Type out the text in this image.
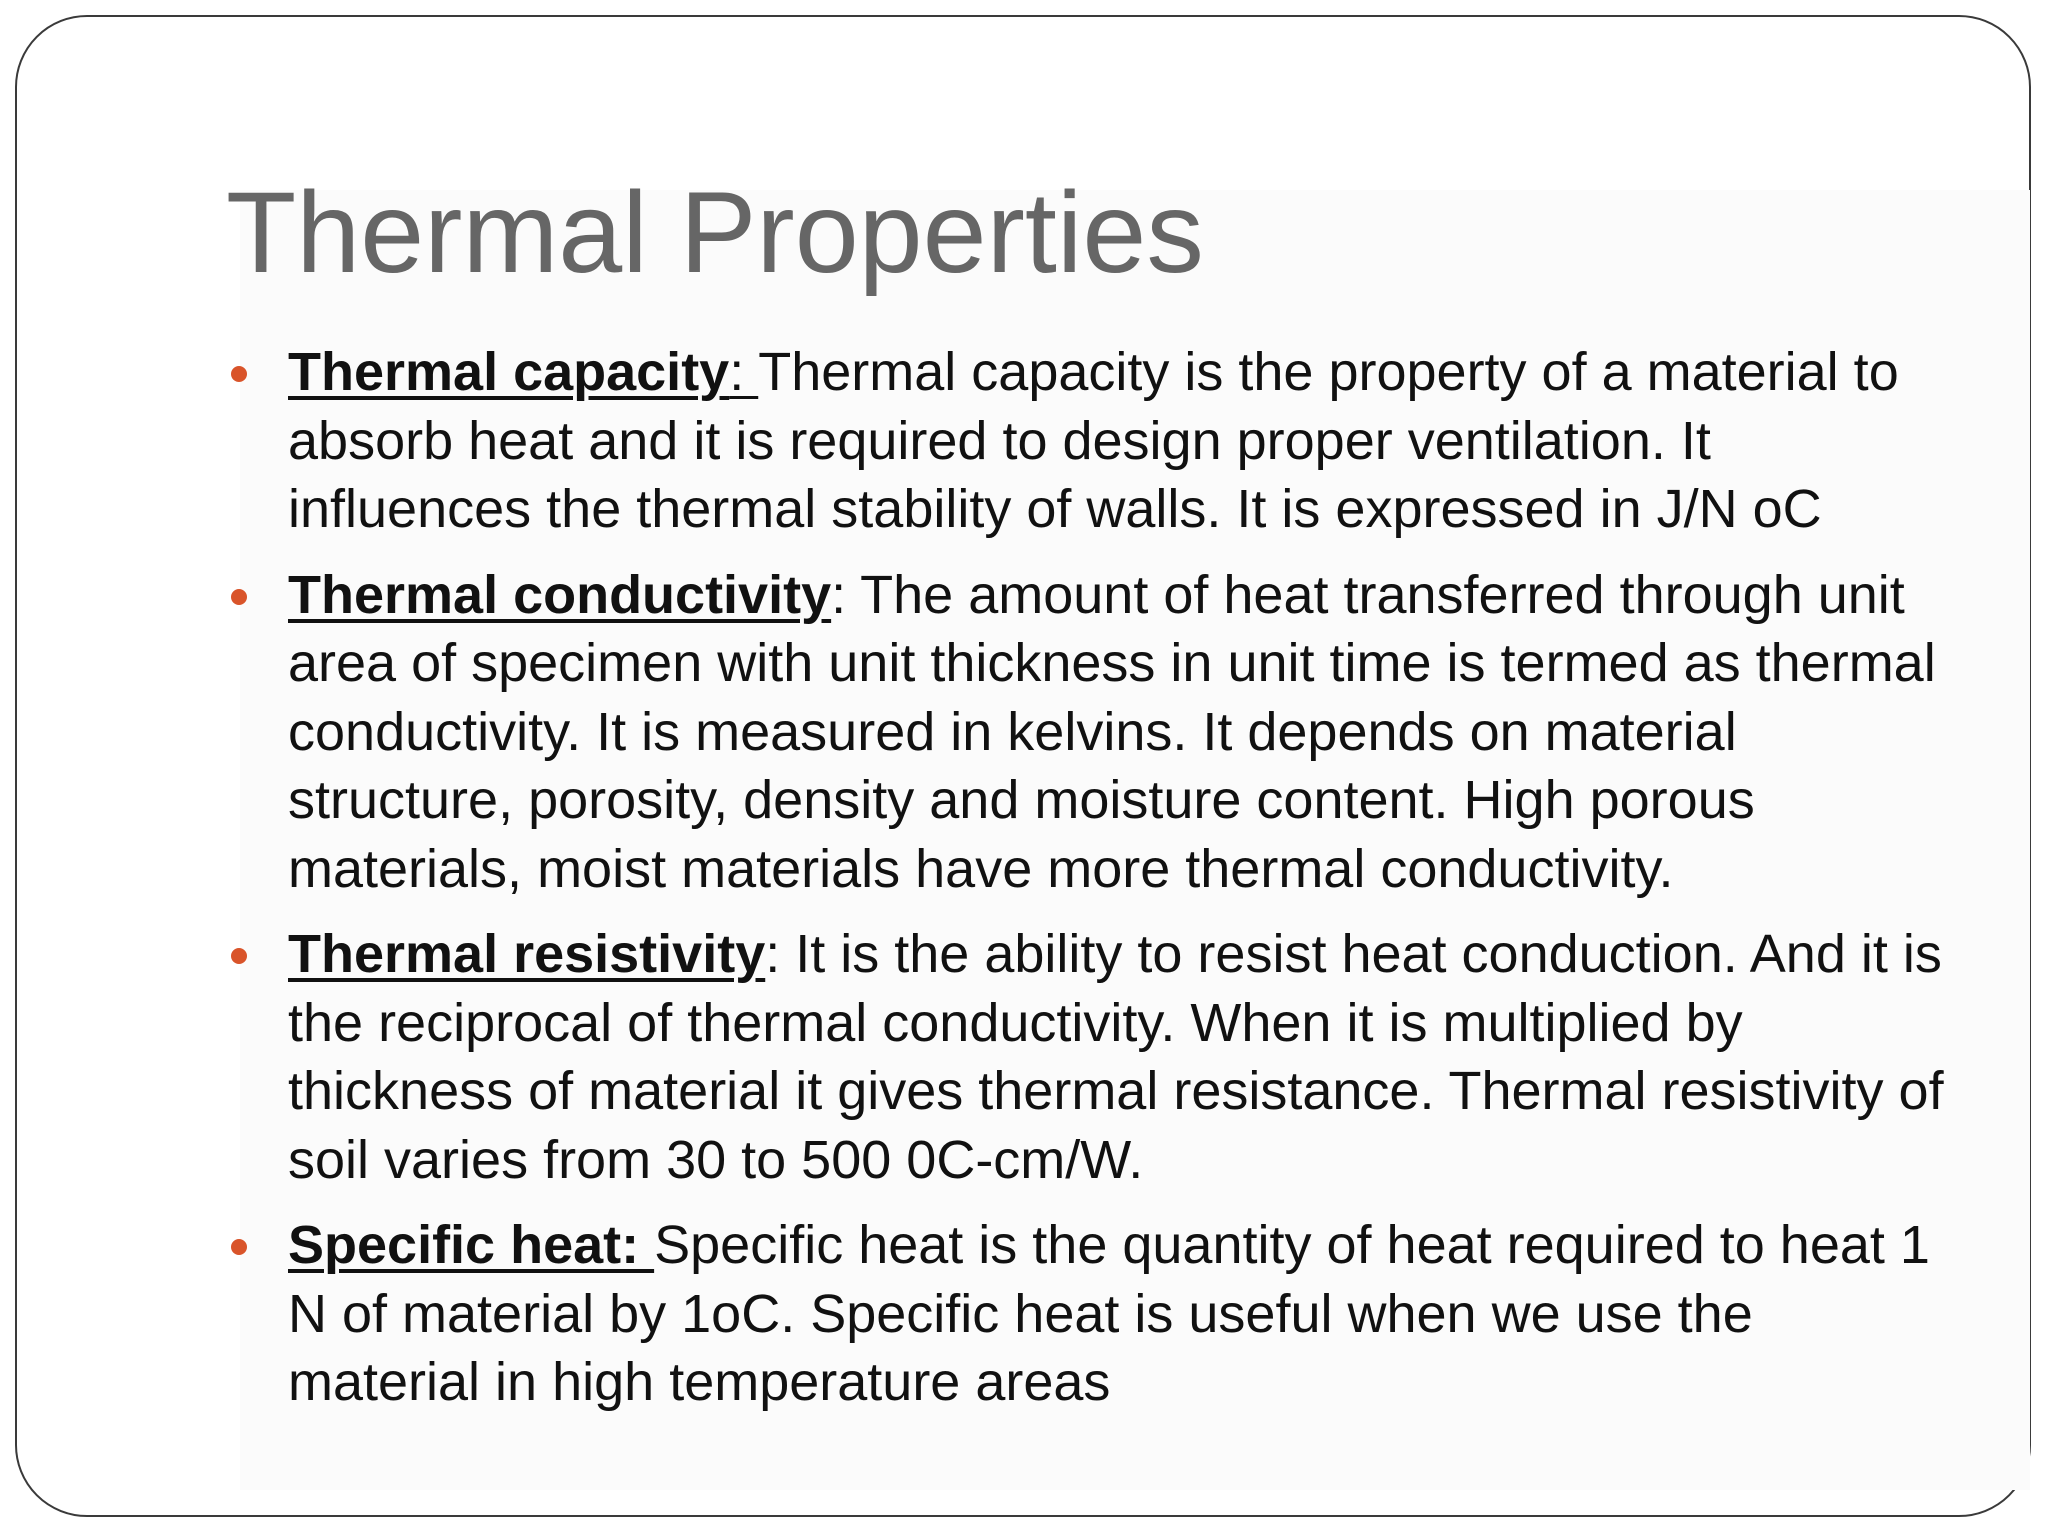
Thermal Properties
Thermal capacity: Thermal capacity is the property of a material to absorb heat and it is required to design proper ventilation. It influences the thermal stability of walls. It is expressed in J/N oC
Thermal conductivity: The amount of heat transferred through unit area of specimen with unit thickness in unit time is termed as thermal conductivity. It is measured in kelvins. It depends on material structure, porosity, density and moisture content. High porous materials, moist materials have more thermal conductivity.
Thermal resistivity: It is the ability to resist heat conduction. And it is the reciprocal of thermal conductivity. When it is multiplied by thickness of material it gives thermal resistance. Thermal resistivity of soil varies from 30 to 500 0C-cm/W.
Specific heat: Specific heat is the quantity of heat required to heat 1 N of material by 1oC. Specific heat is useful when we use the material in high temperature areas
